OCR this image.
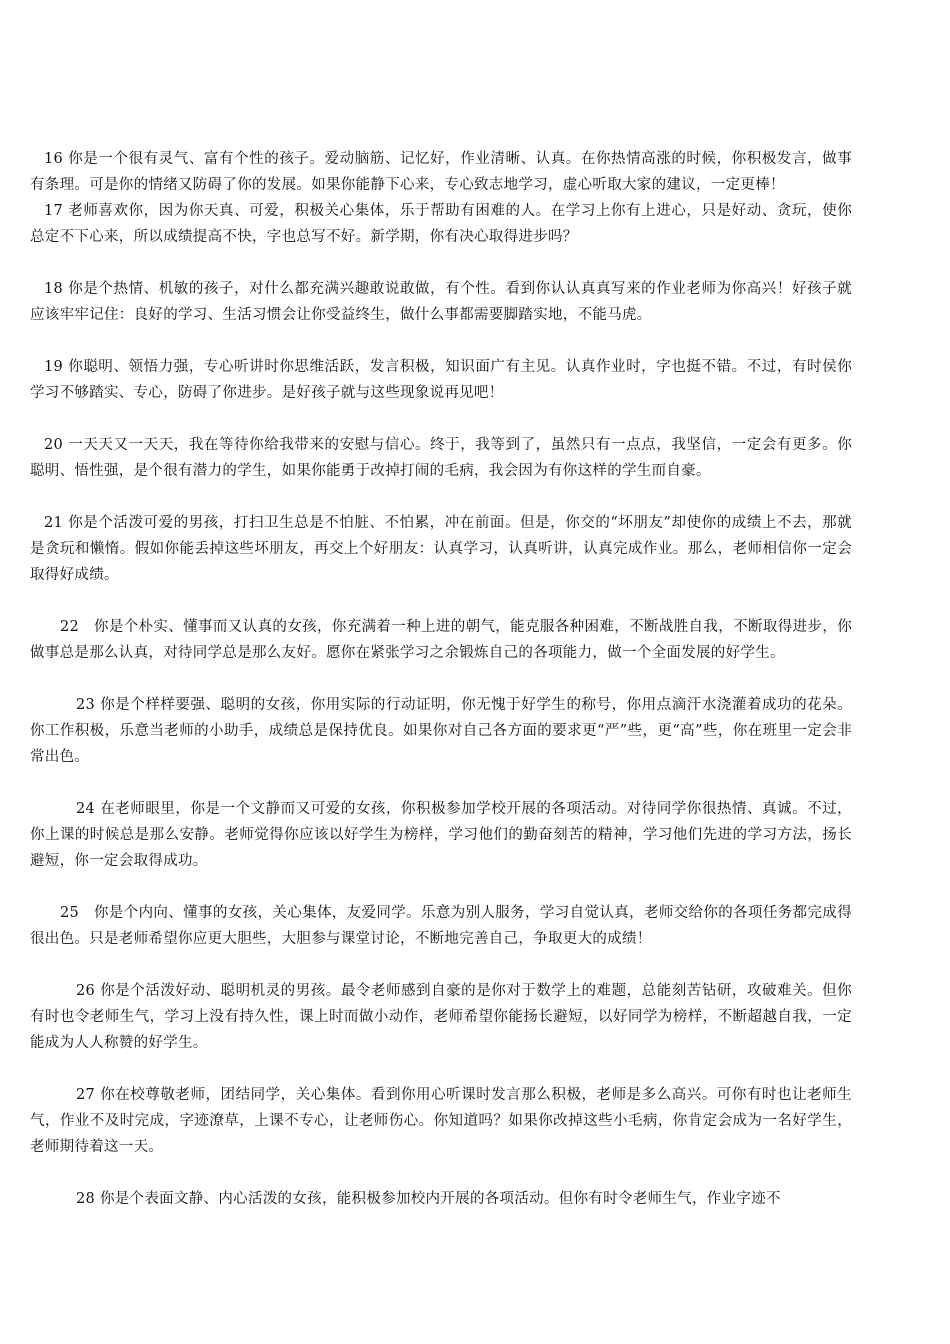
16 你是一个很有灵气、富有个性的孩子。爱动脑筋、记忆好，作业清晰、认真。在你热情高涨的时候，你积极发言，做事有条理。可是你的情绪又防碍了你的发展。如果你能静下心来，专心致志地学习，虚心听取大家的建议，一定更棒！

17 老师喜欢你，因为你天真、可爱，积极关心集体，乐于帮助有困难的人。在学习上你有上进心，只是好动、贪玩，使你总定不下心来，所以成绩提高不快，字也总写不好。新学期，你有决心取得进步吗？

18 你是个热情、机敏的孩子，对什么都充满兴趣敢说敢做，有个性。看到你认认真真写来的作业老师为你高兴！好孩子就应该牢牢记住：良好的学习、生活习惯会让你受益终生，做什么事都需要脚踏实地，不能马虎。

19 你聪明、领悟力强，专心听讲时你思维活跃，发言积极，知识面广有主见。认真作业时，字也挺不错。不过，有时侯你学习不够踏实、专心，防碍了你进步。是好孩子就与这些现象说再见吧！

20 一天天又一天天，我在等待你给我带来的安慰与信心。终于，我等到了，虽然只有一点点，我坚信，一定会有更多。你聪明、悟性强，是个很有潜力的学生，如果你能勇于改掉打闹的毛病，我会因为有你这样的学生而自豪。

21 你是个活泼可爱的男孩，打扫卫生总是不怕脏、不怕累，冲在前面。但是，你交的“坏朋友”却使你的成绩上不去，那就是贪玩和懒惰。假如你能丢掉这些坏朋友，再交上个好朋友：认真学习，认真听讲，认真完成作业。那么，老师相信你一定会取得好成绩。

22　你是个朴实、懂事而又认真的女孩，你充满着一种上进的朝气，能克服各种困难，不断战胜自我，不断取得进步，你做事总是那么认真，对待同学总是那么友好。愿你在紧张学习之余锻炼自己的各项能力，做一个全面发展的好学生。

23 你是个样样要强、聪明的女孩，你用实际的行动证明，你无愧于好学生的称号，你用点滴汗水浇灌着成功的花朵。你工作积极，乐意当老师的小助手，成绩总是保持优良。如果你对自己各方面的要求更“严”些，更“高”些，你在班里一定会非常出色。

24 在老师眼里，你是一个文静而又可爱的女孩，你积极参加学校开展的各项活动。对待同学你很热情、真诚。不过，你上课的时候总是那么安静。老师觉得你应该以好学生为榜样，学习他们的勤奋刻苦的精神，学习他们先进的学习方法，扬长避短，你一定会取得成功。

25　你是个内向、懂事的女孩，关心集体，友爱同学。乐意为别人服务，学习自觉认真，老师交给你的各项任务都完成得很出色。只是老师希望你应更大胆些，大胆参与课堂讨论，不断地完善自己，争取更大的成绩！

26 你是个活泼好动、聪明机灵的男孩。最令老师感到自豪的是你对于数学上的难题，总能刻苦钻研，攻破难关。但你有时也令老师生气，学习上没有持久性，课上时而做小动作，老师希望你能扬长避短，以好同学为榜样，不断超越自我，一定能成为人人称赞的好学生。

27 你在校尊敬老师，团结同学，关心集体。看到你用心听课时发言那么积极，老师是多么高兴。可你有时也让老师生气，作业不及时完成，字迹潦草，上课不专心，让老师伤心。你知道吗？如果你改掉这些小毛病，你肯定会成为一名好学生，老师期待着这一天。

28 你是个表面文静、内心活泼的女孩，能积极参加校内开展的各项活动。但你有时令老师生气，作业字迹不
